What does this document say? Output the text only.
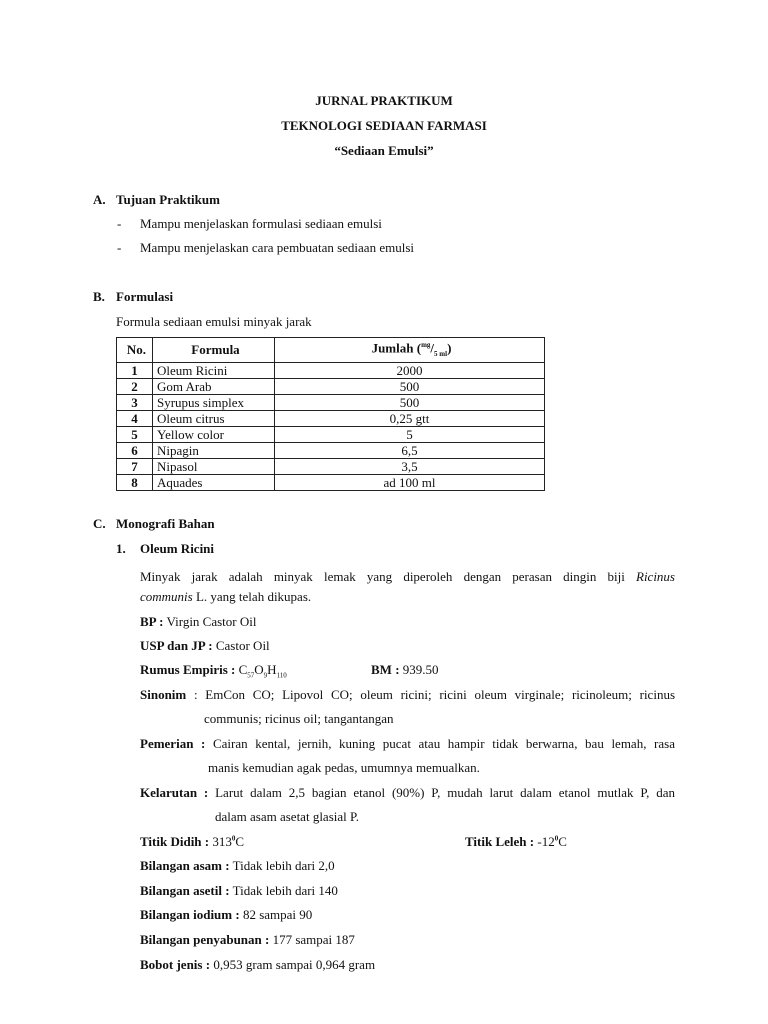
JURNAL PRAKTIKUM
TEKNOLOGI SEDIAAN FARMASI
“Sediaan Emulsi”
A. Tujuan Praktikum
- Mampu menjelaskan formulasi sediaan emulsi
- Mampu menjelaskan cara pembuatan sediaan emulsi
B. Formulasi
Formula sediaan emulsi minyak jarak
No.	Formula	Jumlah $(^{mg}/_{5 ml})$
1	Oleum Ricini	2000
2	Gom Arab	500
3	Syrupus simplex	500
4	Oleum citrus	0,25 gtt
5	Yellow color	5
6	Nipagin	6,5
7	Nipasol	3,5
8	Aquades	ad 100 ml
C. Monografi Bahan
1. Oleum Ricini
Minyak jarak adalah minyak lemak yang diperoleh dengan perasan dingin biji Ricinus
communis L. yang telah dikupas.
BP : Virgin Castor Oil
USP dan JP : Castor Oil
Rumus Empiris : $C_{57}O_9H_{110}$	BM : 939.50
Sinonim : EmCon CO; Lipovol CO; oleum ricini; ricini oleum virginale; ricinoleum; ricinus
communis; ricinus oil; tangantangan
Pemerian : Cairan kental, jernih, kuning pucat atau hampir tidak berwarna, bau lemah, rasa
manis kemudian agak pedas, umumnya memualkan.
Kelarutan : Larut dalam 2,5 bagian etanol (90%) P, mudah larut dalam etanol mutlak P, dan
dalam asam asetat glasial P.
Titik Didih : $313^0C$	Titik Leleh : $-12^0C$
Bilangan asam : Tidak lebih dari 2,0
Bilangan asetil : Tidak lebih dari 140
Bilangan iodium : 82 sampai 90
Bilangan penyabunan : 177 sampai 187
Bobot jenis : 0,953 gram sampai 0,964 gram
